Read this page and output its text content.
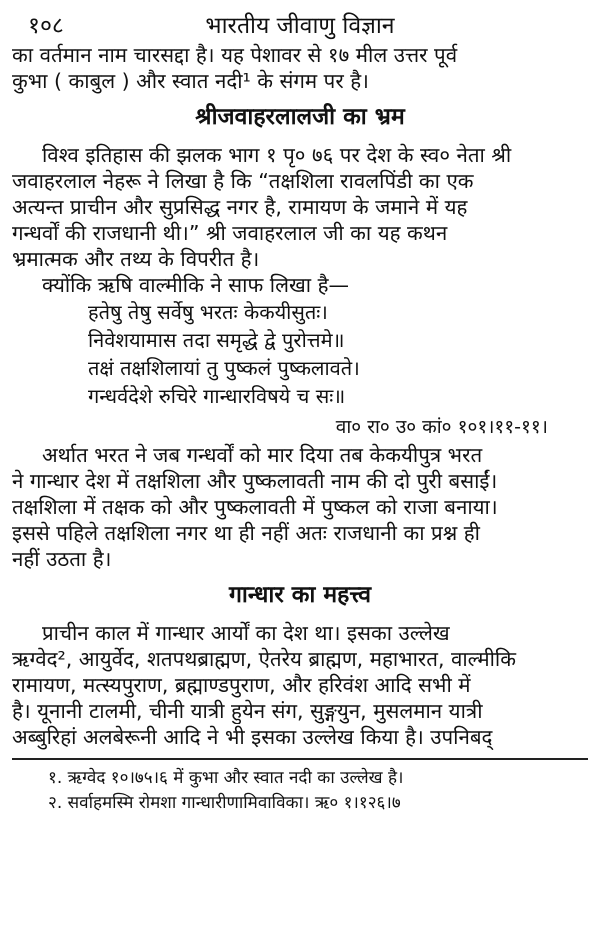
१०८	भारतीय जीवाणु विज्ञान
का वर्तमान नाम चारसद्दा है। यह पेशावर से १७ मील उत्तर पूर्व
कुभा ( काबुल ) और स्वात नदी¹ के संगम पर है।
श्रीजवाहरलालजी का भ्रम
विश्व इतिहास की झलक भाग १ पृ० ७६ पर देश के स्व० नेता श्री
जवाहरलाल नेहरू ने लिखा है कि “तक्षशिला रावलपिंडी का एक
अत्यन्त प्राचीन और सुप्रसिद्ध नगर है, रामायण के जमाने में यह
गन्धर्वों की राजधानी थी।” श्री जवाहरलाल जी का यह कथन
भ्रमात्मक और तथ्य के विपरीत है।
क्योंकि ऋषि वाल्मीकि ने साफ लिखा है—
हतेषु तेषु सर्वेषु भरतः केकयीसुतः।
निवेशयामास तदा समृद्धे द्वे पुरोत्तमे॥
तक्षं तक्षशिलायां तु पुष्कलं पुष्कलावते।
गन्धर्वदेशे रुचिरे गान्धारविषये च सः॥
वा० रा० उ० कां० १०१।११-११।
अर्थात भरत ने जब गन्धर्वों को मार दिया तब केकयीपुत्र भरत
ने गान्धार देश में तक्षशिला और पुष्कलावती नाम की दो पुरी बसाईं।
तक्षशिला में तक्षक को और पुष्कलावती में पुष्कल को राजा बनाया।
इससे पहिले तक्षशिला नगर था ही नहीं अतः राजधानी का प्रश्न ही
नहीं उठता है।
गान्धार का महत्त्व
प्राचीन काल में गान्धार आर्यों का देश था। इसका उल्लेख
ऋग्वेद², आयुर्वेद, शतपथब्राह्मण, ऐतरेय ब्राह्मण, महाभारत, वाल्मीकि
रामायण, मत्स्यपुराण, ब्रह्माण्डपुराण, और हरिवंश आदि सभी में
है। यूनानी टालमी, चीनी यात्री हुयेन संग, सुङ्गयुन, मुसलमान यात्री
अब्बुरिहां अलबेरूनी आदि ने भी इसका उल्लेख किया है। उपनिबद्
१. ऋग्वेद १०।७५।६ में कुभा और स्वात नदी का उल्लेख है।
२. सर्वाहमस्मि रोमशा गान्धारीणामिवाविका। ऋ० १।१२६।७
